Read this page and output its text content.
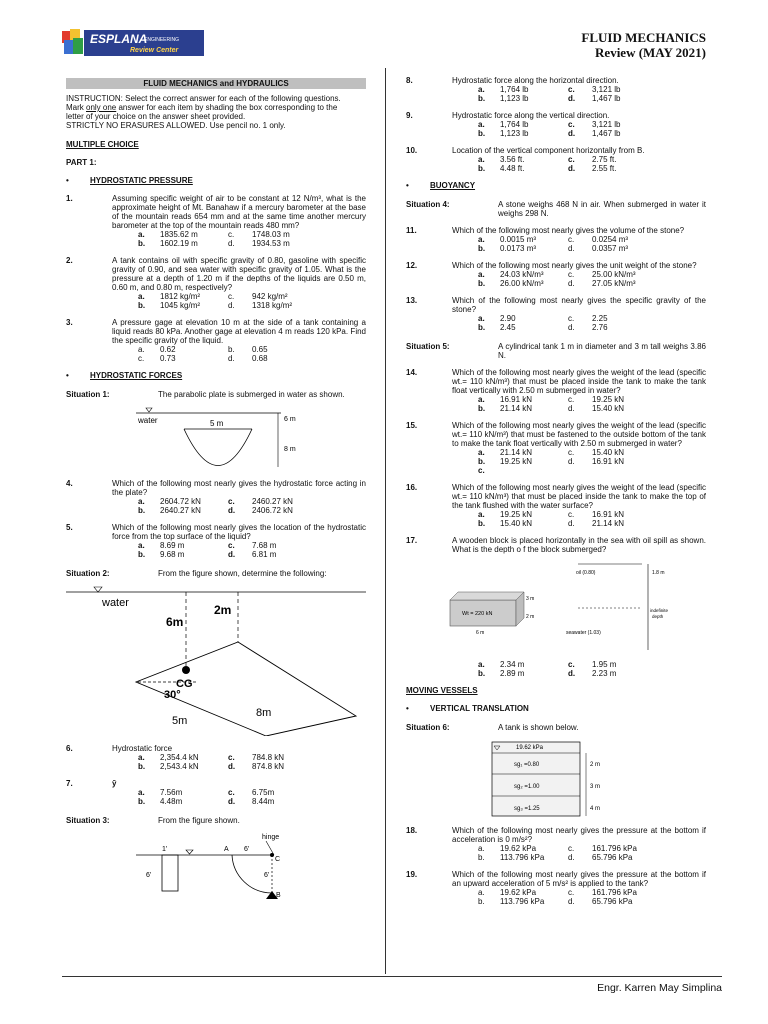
ESPLANA
ENGINEERING
Review Center
FLUID MECHANICS
Review (MAY 2021)
FLUID MECHANICS and HYDRAULICS
INSTRUCTION: Select the correct answer for each of the following questions.
Mark only one answer for each item by shading the box corresponding to the
letter of your choice on the answer sheet provided.
STRICTLY NO ERASURES ALLOWED. Use pencil no. 1 only.
MULTIPLE CHOICE
PART 1:
•	HYDROSTATIC PRESSURE
1.	Assuming specific weight of air to be constant at 12 N/m³, what is the approximate height of Mt. Banahaw if a mercury barometer at the base of the mountain reads 654 mm and at the same time another mercury barometer at the top of the mountain reads 480 mm?
a.	1835.62 m	c.	1748.03 m
b.	1602.19 m	d.	1934.53 m
2.	A tank contains oil with specific gravity of 0.80, gasoline with specific gravity of 0.90, and sea water with specific gravity of 1.05. What is the pressure at a depth of 1.20 m if the depths of the liquids are 0.50 m, 0.60 m, and 0.80 m, respectively?
a.	1812 kg/m²	c.	942 kg/m²
b.	1045 kg/m²	d.	1318 kg/m²
3.	A pressure gage at elevation 10 m at the side of a tank containing a liquid reads 80 kPa. Another gage at elevation 4 m reads 120 kPa. Find the specific gravity of the liquid.
a.	0.62	b.	0.65
c.	0.73	d.	0.68
•	HYDROSTATIC FORCES
Situation 1:	The parabolic plate is submerged in water as shown.
water	5 m	6 m
8 m
4.	Which of the following most nearly gives the hydrostatic force acting in the plate?
a.	2604.72 kN	c.	2460.27 kN
b.	2640.27 kN	d.	2406.72 kN
5.	Which of the following most nearly gives the location of the hydrostatic force from the top surface of the liquid?
a.	8.69 m	c.	7.68 m
b.	9.68 m	d.	6.81 m
Situation 2:	From the figure shown, determine the following:
water	2m
6m
CG
30°
8m
5m
6.	Hydrostatic force
a.	2,354.4 kN	c.	784.8 kN
b.	2,543.4 kN	d.	874.8 kN
7.	ȳ
a.	7.56m	c.	6.75m
b.	4.48m	d.	8.44m
Situation 3:	From the figure shown.
hinge
1'
6'
A 6'
C
6'
B
8.	Hydrostatic force along the horizontal direction.
a.	1,764 lb	c.	3,121 lb
b.	1,123 lb	d.	1,467 lb
9.	Hydrostatic force along the vertical direction.
a.	1,764 lb	c.	3,121 lb
b.	1,123 lb	d.	1,467 lb
10.	Location of the vertical component horizontally from B.
a.	3.56 ft.	c.	2.75 ft.
b.	4.48 ft.	d.	2.55 ft.
•	BUOYANCY
Situation 4:	A stone weighs 468 N in air. When submerged in water it weighs 298 N.
11.	Which of the following most nearly gives the volume of the stone?
a.	0.0015 m³	c.	0.0254 m³
b.	0.0173 m³	d.	0.0357 m³
12.	Which of the following most nearly gives the unit weight of the stone?
a.	24.03 kN/m³	c.	25.00 kN/m³
b.	26.00 kN/m³	d.	27.05 kN/m³
13.	Which of the following most nearly gives the specific gravity of the stone?
a.	2.90	c.	2.25
b.	2.45	d.	2.76
Situation 5:	A cylindrical tank 1 m in diameter and 3 m tall weighs 3.86 N.
14.	Which of the following most nearly gives the weight of the lead (specific wt.= 110 kN/m³) that must be placed inside the tank to make the tank float vertically with 2.50 m submerged in water?
a.	16.91 kN	c.	19.25 kN
b.	21.14 kN	d.	15.40 kN
15.	Which of the following most nearly gives the weight of the lead (specific wt.= 110 kN/m³) that must be fastened to the outside bottom of the tank to make the tank float vertically with 2.50 m submerged in water?
a.	21.14 kN	c.	15.40 kN
b.	19.25 kN	d.	16.91 kN
c.
16.	Which of the following most nearly gives the weight of the lead (specific wt.= 110 kN/m³) that must be placed inside the tank to make the top of the tank flushed with the water surface?
a.	19.25 kN	c.	16.91 kN
b.	15.40 kN	d.	21.14 kN
17.	A wooden block is placed horizontally in the sea with oil spill as shown. What is the depth o f the block submerged?
oil (0.80)	1.8 m
indefinite
depth
Wt = 220 kN
3 m
2 m
6 m	seawater (1.03)
a.	2.34 m	c.	1.95 m
b.	2.89 m	d.	2.23 m
MOVING VESSELS
•	VERTICAL TRANSLATION
Situation 6:	A tank is shown below.
19.62 kPa
sg₁ =0.80
sg₂ =1.00
sg₃ =1.25
2 m
3 m
4 m
18.	Which of the following most nearly gives the pressure at the bottom if acceleration is 0 m/s²?
a.	19.62 kPa	c.	161.796 kPa
b.	113.796 kPa	d.	65.796 kPa
19.	Which of the following most nearly gives the pressure at the bottom if an upward acceleration of 5 m/s² is applied to the tank?
a.	19.62 kPa	c.	161.796 kPa
b.	113.796 kPa	d.	65.796 kPa
Engr. Karren May Simplina
